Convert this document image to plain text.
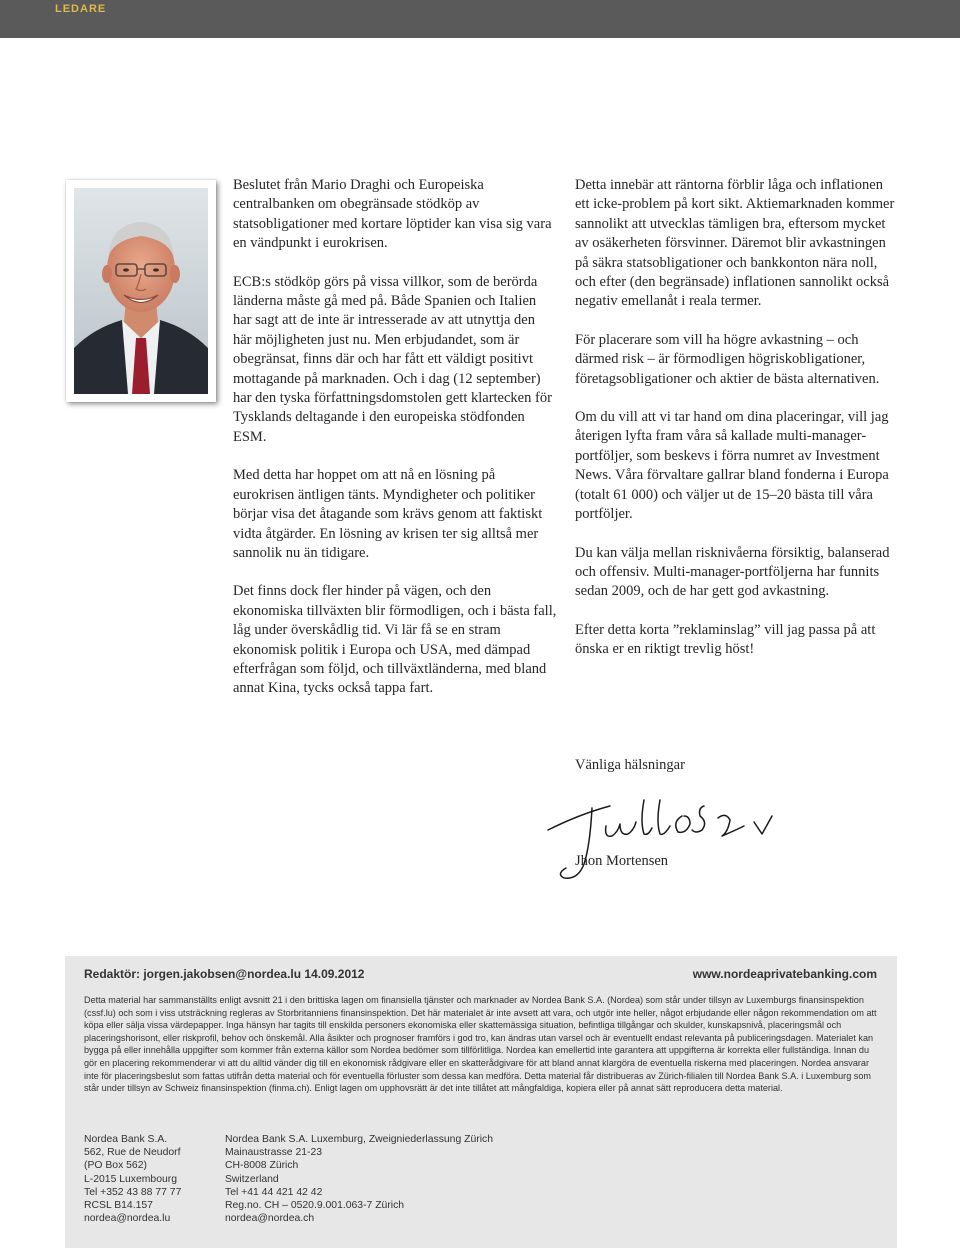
LEDARE

Beslutet från Mario Draghi och Europeiska centralbanken om obegränsade stödköp av statsobligationer med kortare löptider kan visa sig vara en vändpunkt i eurokrisen.

ECB:s stödköp görs på vissa villkor, som de berörda länderna måste gå med på. Både Spanien och Italien har sagt att de inte är intresserade av att utnyttja den här möjligheten just nu. Men erbjudandet, som är obegränsat, finns där och har fått ett väldigt positivt mottagande på marknaden. Och i dag (12 september) har den tyska författningsdomstolen gett klartecken för Tysklands deltagande i den europeiska stödfonden ESM.

Med detta har hoppet om att nå en lösning på eurokrisen äntligen tänts. Myndigheter och politiker börjar visa det åtagande som krävs genom att faktiskt vidta åtgärder. En lösning av krisen ter sig alltså mer sannolik nu än tidigare.

Det finns dock fler hinder på vägen, och den ekonomiska tillväxten blir förmodligen, och i bästa fall, låg under överskådlig tid. Vi lär få se en stram ekonomisk politik i Europa och USA, med dämpad efterfrågan som följd, och tillväxtländerna, med bland annat Kina, tycks också tappa fart.

Detta innebär att räntorna förblir låga och inflationen ett icke-problem på kort sikt. Aktiemarknaden kommer sannolikt att utvecklas tämligen bra, eftersom mycket av osäkerheten försvinner. Däremot blir avkastningen på säkra statsobligationer och bankkonton nära noll, och efter (den begränsade) inflationen sannolikt också negativ emellanåt i reala termer.

För placerare som vill ha högre avkastning – och därmed risk – är förmodligen högriskobligationer, företagsobligationer och aktier de bästa alternativen.

Om du vill att vi tar hand om dina placeringar, vill jag återigen lyfta fram våra så kallade multi-manager-portföljer, som beskevs i förra numret av Investment News. Våra förvaltare gallrar bland fonderna i Europa (totalt 61 000) och väljer ut de 15–20 bästa till våra portföljer.

Du kan välja mellan risknivåerna försiktig, balanserad och offensiv. Multi-manager-portföljerna har funnits sedan 2009, och de har gett god avkastning.

Efter detta korta ”reklaminslag” vill jag passa på att önska er en riktigt trevlig höst!

Vänliga hälsningar
Jhon Mortensen
Redaktör: jorgen.jakobsen@nordea.lu 14.09.2012	www.nordeaprivatebanking.com
Detta material har sammanställts enligt avsnitt 21 i den brittiska lagen om finansiella tjänster och marknader av Nordea Bank S.A. (Nordea) som står under tillsyn av Luxemburgs finansinspektion (cssf.lu) och som i viss utsträckning regleras av Storbritanniens finansinspektion. Det här materialet är inte avsett att vara, och utgör inte heller, något erbjudande eller någon rekommendation om att köpa eller sälja vissa värdepapper. Inga hänsyn har tagits till enskilda personers ekonomiska eller skattemässiga situation, befintliga tillgångar och skulder, kunskapsnivå, placeringsmål och placeringshorisont, eller riskprofil, behov och önskemål. Alla åsikter och prognoser framförs i god tro, kan ändras utan varsel och är eventuellt endast relevanta på publiceringsdagen. Materialet kan bygga på eller innehålla uppgifter som kommer från externa källor som Nordea bedömer som tillförlitliga. Nordea kan emellertid inte garantera att uppgifterna är korrekta eller fullständiga. Innan du gör en placering rekommenderar vi att du alltid vänder dig till en ekonomisk rådgivare eller en skatterådgivare för att bland annat klargöra de eventuella riskerna med placeringen. Nordea ansvarar inte för placeringsbeslut som fattas utifrån detta material och för eventuella förluster som dessa kan medföra. Detta material får distribueras av Zürich-filialen till Nordea Bank S.A. i Luxemburg som står under tillsyn av Schweiz finansinspektion (finma.ch). Enligt lagen om upphovsrätt är det inte tillåtet att mångfaldiga, kopiera eller på annat sätt reproducera detta material.
Nordea Bank S.A.
562, Rue de Neudorf
(PO Box 562)
L-2015 Luxembourg
Tel +352 43 88 77 77
RCSL B14.157
nordea@nordea.lu
Nordea Bank S.A. Luxemburg, Zweigniederlassung Zürich
Mainaustrasse 21-23
CH-8008 Zürich
Switzerland
Tel +41 44 421 42 42
Reg.no. CH – 0520.9.001.063-7 Zürich
nordea@nordea.ch
